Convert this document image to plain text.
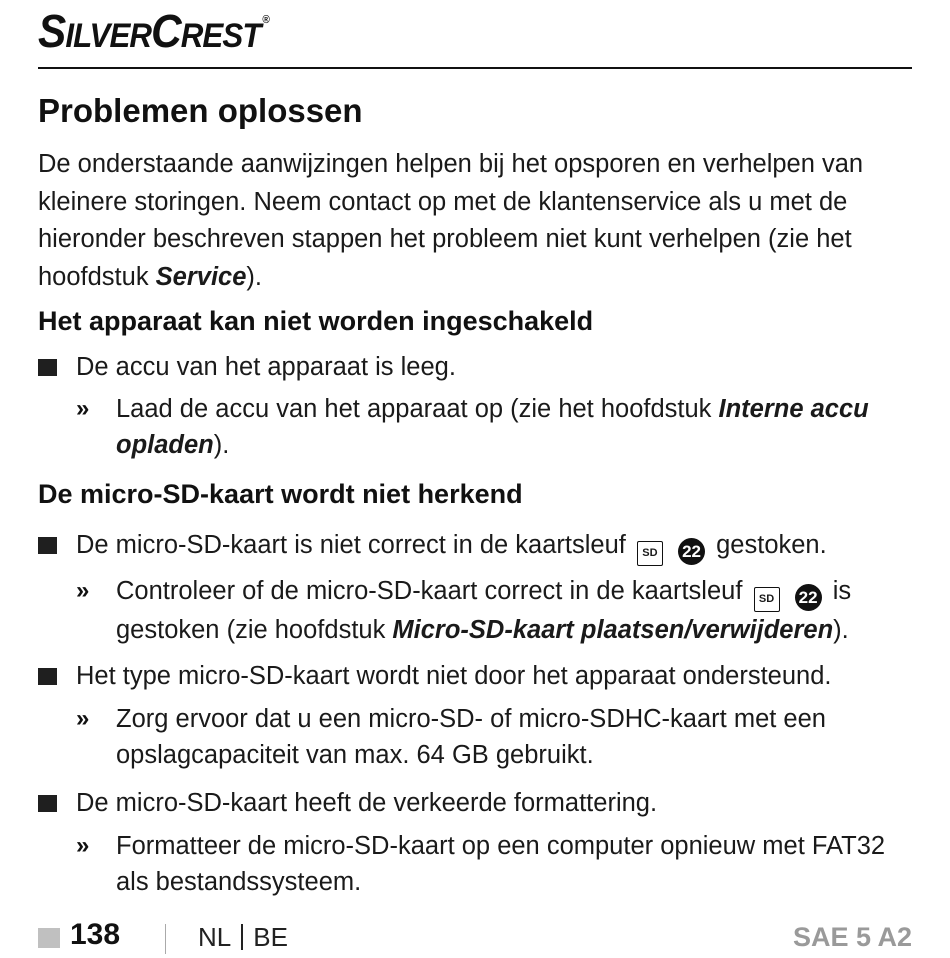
SILVERCREST ®
Problemen oplossen

De onderstaande aanwijzingen helpen bij het opsporen en verhelpen van kleinere storingen. Neem contact op met de klantenservice als u met de hieronder beschreven stappen het probleem niet kunt verhelpen (zie het hoofdstuk Service).

Het apparaat kan niet worden ingeschakeld
De accu van het apparaat is leeg.
» Laad de accu van het apparaat op (zie het hoofdstuk Interne accu opladen).
De micro-SD-kaart wordt niet herkend
De micro-SD-kaart is niet correct in de kaartsleuf SD 22 gestoken.
» Controleer of de micro-SD-kaart correct in de kaartsleuf SD 22 is gestoken (zie hoofdstuk Micro-SD-kaart plaatsen/verwijderen).
Het type micro-SD-kaart wordt niet door het apparaat ondersteund.
» Zorg ervoor dat u een micro-SD- of micro-SDHC-kaart met een opslagcapaciteit van max. 64 GB gebruikt.
De micro-SD-kaart heeft de verkeerde formattering.
» Formatteer de micro-SD-kaart op een computer opnieuw met FAT32 als bestandssysteem.
138	NL BE	SAE 5 A2
